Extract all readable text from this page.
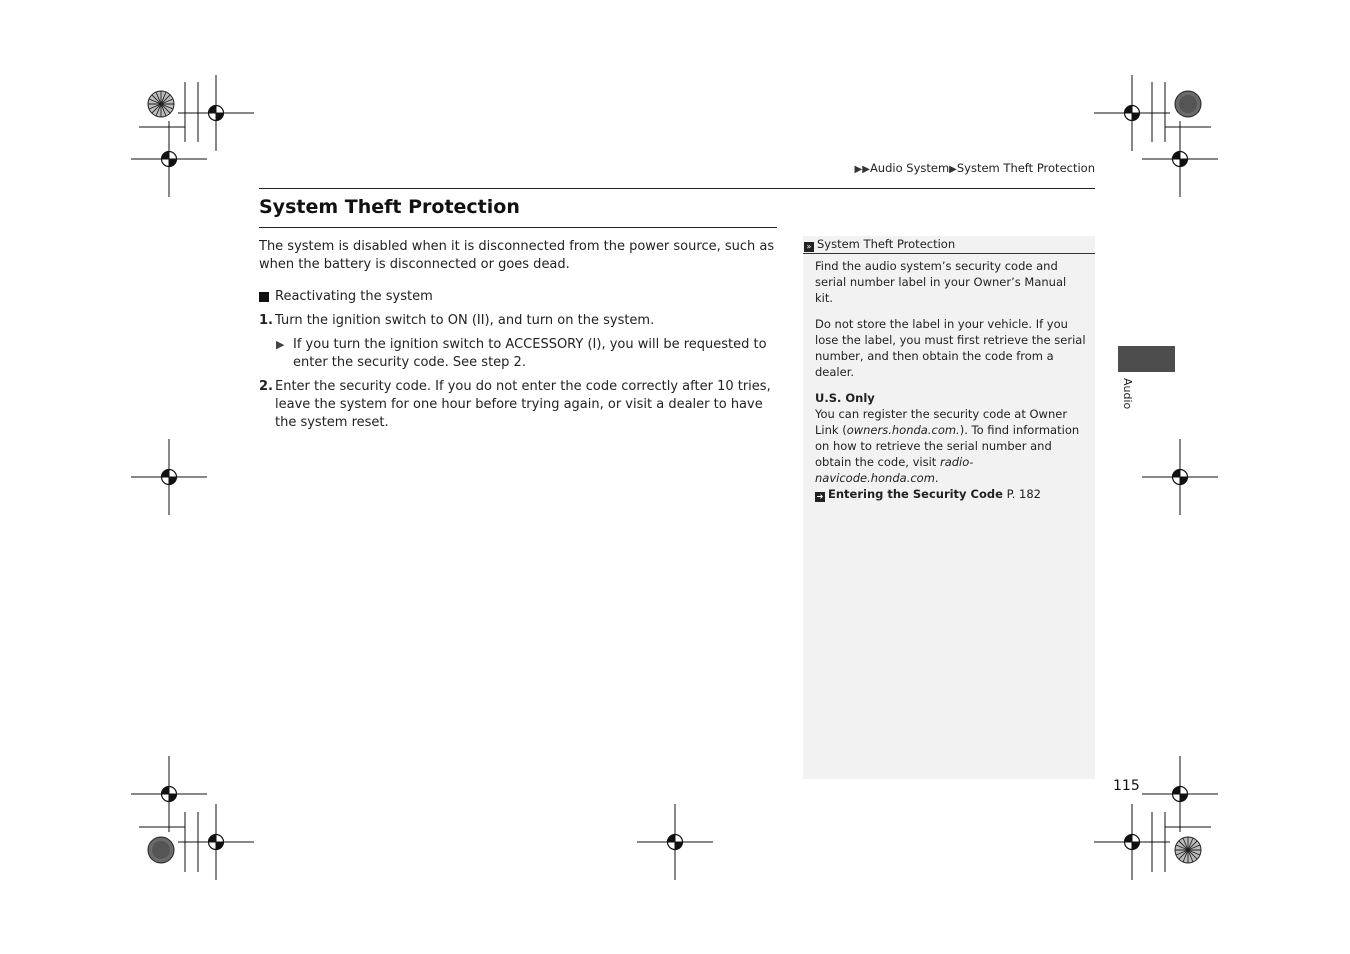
▶▶Audio System▶System Theft Protection
System Theft Protection

The system is disabled when it is disconnected from the power source, such as when the battery is disconnected or goes dead.

Reactivating the system
1. Turn the ignition switch to ON (II), and turn on the system.
▶ If you turn the ignition switch to ACCESSORY (I), you will be requested to enter the security code. See step 2.
2. Enter the security code. If you do not enter the code correctly after 10 tries, leave the system for one hour before trying again, or visit a dealer to have the system reset.
» System Theft Protection

Find the audio system’s security code and serial number label in your Owner’s Manual kit.

Do not store the label in your vehicle. If you lose the label, you must first retrieve the serial number, and then obtain the code from a dealer.

U.S. Only

You can register the security code at Owner Link (owners.honda.com.). To find information on how to retrieve the serial number and obtain the code, visit radio-navicode.honda.com.

➔ Entering the Security Code P. 182

Audio
115
